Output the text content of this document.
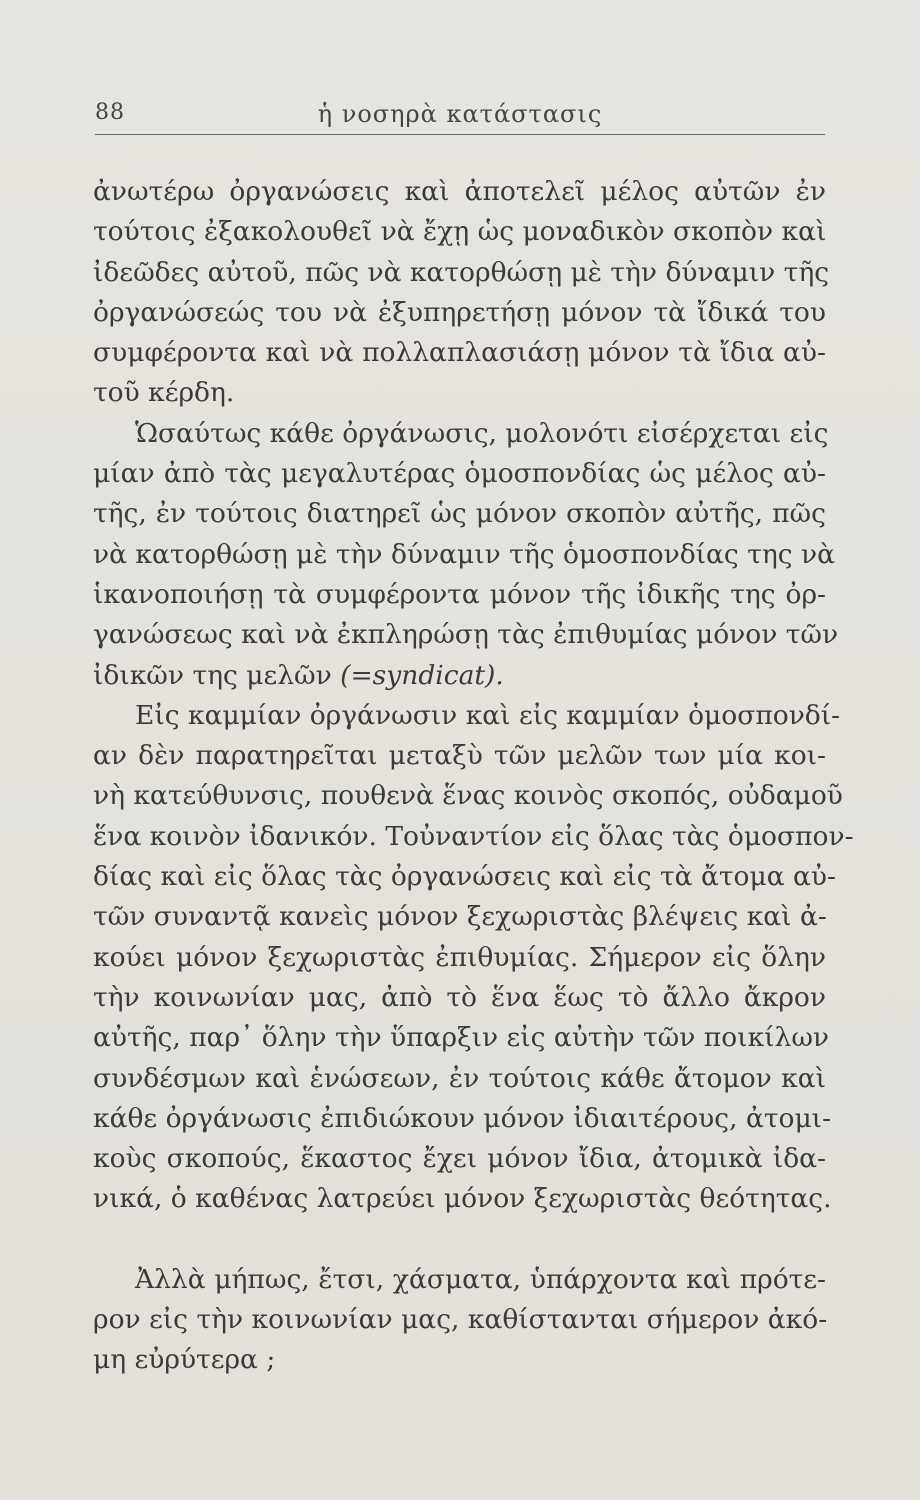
88	ἡ νοσηρὰ κατάστασις
ἀνωτέρω ὀργανώσεις καὶ ἀποτελεῖ μέλος αὐτῶν ἐν
τούτοις ἐξακολουθεῖ νὰ ἔχῃ ὡς μοναδικὸν σκοπὸν καὶ
ἰδεῶδες αὐτοῦ, πῶς νὰ κατορθώσῃ μὲ τὴν δύναμιν τῆς
ὀργανώσεώς του νὰ ἐξυπηρετήσῃ μόνον τὰ ἴδικά του
συμφέροντα καὶ νὰ πολλαπλασιάσῃ μόνον τὰ ἴδια αὐ-
τοῦ κέρδη.
Ὡσαύτως κάθε ὀργάνωσις, μολονότι εἰσέρχεται εἰς
μίαν ἀπὸ τὰς μεγαλυτέρας ὁμοσπονδίας ὡς μέλος αὐ-
τῆς, ἐν τούτοις διατηρεῖ ὡς μόνον σκοπὸν αὐτῆς, πῶς
νὰ κατορθώσῃ μὲ τὴν δύναμιν τῆς ὁμοσπονδίας της νὰ
ἱκανοποιήσῃ τὰ συμφέροντα μόνον τῆς ἰδικῆς της ὀρ-
γανώσεως καὶ νὰ ἐκπληρώσῃ τὰς ἐπιθυμίας μόνον τῶν
ἰδικῶν της μελῶν (=syndicat).
Εἰς καμμίαν ὀργάνωσιν καὶ εἰς καμμίαν ὁμοσπονδί-
αν δὲν παρατηρεῖται μεταξὺ τῶν μελῶν των μία κοι-
νὴ κατεύθυνσις, πουθενὰ ἕνας κοινὸς σκοπός, οὐδαμοῦ
ἕνα κοινὸν ἰδανικόν. Τοὐναντίον εἰς ὅλας τὰς ὁμοσπον-
δίας καὶ εἰς ὅλας τὰς ὀργανώσεις καὶ εἰς τὰ ἄτομα αὐ-
τῶν συναντᾷ κανεὶς μόνον ξεχωριστὰς βλέψεις καὶ ἀ-
κούει μόνον ξεχωριστὰς ἐπιθυμίας. Σήμερον εἰς ὅλην
τὴν κοινωνίαν μας, ἀπὸ τὸ ἕνα ἕως τὸ ἄλλο ἄκρον
αὐτῆς, παρ᾽ ὅλην τὴν ὕπαρξιν εἰς αὐτὴν τῶν ποικίλων
συνδέσμων καὶ ἑνώσεων, ἐν τούτοις κάθε ἄτομον καὶ
κάθε ὀργάνωσις ἐπιδιώκουν μόνον ἰδιαιτέρους, ἀτομι-
κοὺς σκοπούς, ἕκαστος ἔχει μόνον ἴδια, ἀτομικὰ ἰδα-
νικά, ὁ καθένας λατρεύει μόνον ξεχωριστὰς θεότητας.
Ἀλλὰ μήπως, ἔτσι, χάσματα, ὑπάρχοντα καὶ πρότε-
ρον εἰς τὴν κοινωνίαν μας, καθίστανται σήμερον ἀκό-
μη εὐρύτερα ;
